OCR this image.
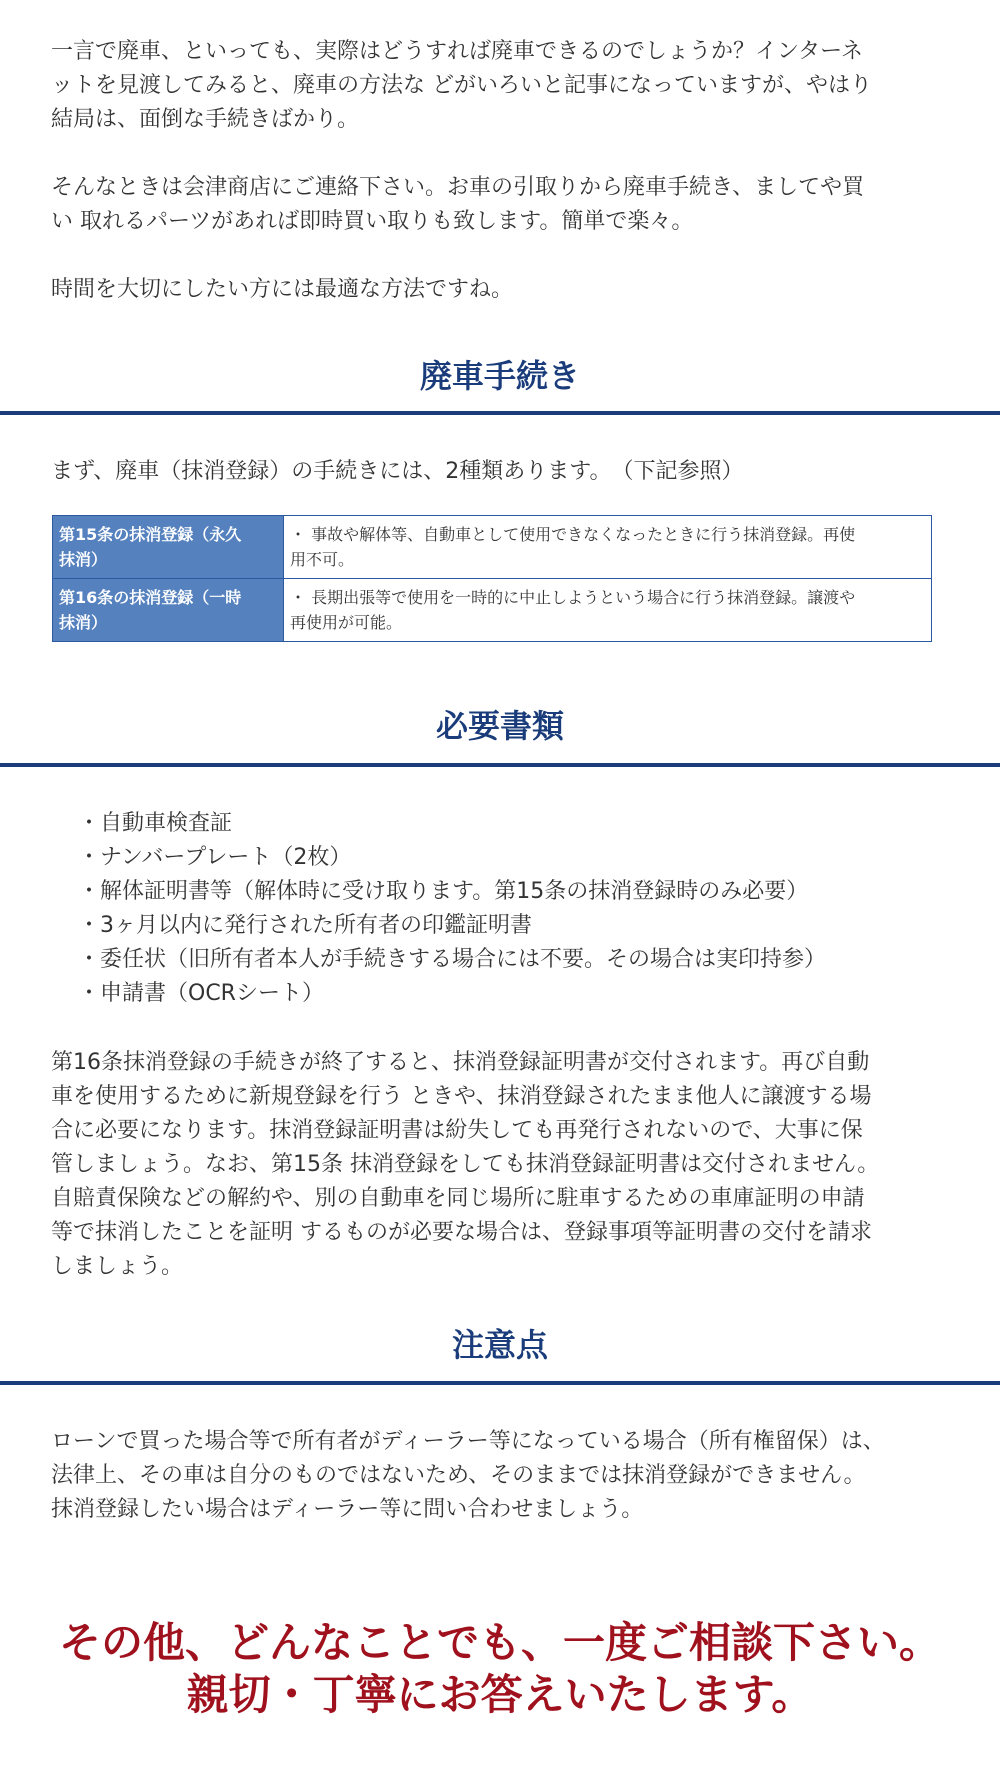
一言で廃車、といっても、実際はどうすれば廃車できるのでしょうか？インターネ
ットを見渡してみると、廃車の方法な どがいろいと記事になっていますが、やはり
結局は、面倒な手続きばかり。

そんなときは会津商店にご連絡下さい。お車の引取りから廃車手続き、ましてや買
い 取れるパーツがあれば即時買い取りも致します。簡単で楽々。

時間を大切にしたい方には最適な方法ですね。

廃車手続き

まず、廃車（抹消登録）の手続きには、2種類あります。　（下記参照）

第15条の抹消登録（永久
抹消）	・ 事故や解体等、自動車として使用できなくなったときに行う抹消登録。再使
用不可。

第16条の抹消登録（一時
抹消）	・ 長期出張等で使用を一時的に中止しようという場合に行う抹消登録。譲渡や
再使用が可能。
必要書類
・自動車検査証
・ナンバープレート（2枚）
・解体証明書等（解体時に受け取ります。第15条の抹消登録時のみ必要）
・3ヶ月以内に発行された所有者の印鑑証明書
・委任状（旧所有者本人が手続きする場合には不要。その場合は実印持参）
・申請書（OCRシート）

第16条抹消登録の手続きが終了すると、抹消登録証明書が交付されます。再び自動
車を使用するために新規登録を行う ときや、抹消登録されたまま他人に譲渡する場
合に必要になります。抹消登録証明書は紛失しても再発行されないので、大事に保
管しましょう。なお、第15条 抹消登録をしても抹消登録証明書は交付されません。
自賠責保険などの解約や、別の自動車を同じ場所に駐車するための車庫証明の申請
等で抹消したことを証明 するものが必要な場合は、登録事項等証明書の交付を請求
しましょう。

注意点

ローンで買った場合等で所有者がディーラー等になっている場合（所有権留保）は、
法律上、その車は自分のものではないため、そのままでは抹消登録ができません。
抹消登録したい場合はディーラー等に問い合わせましょう。

その他、どんなことでも、一度ご相談下さい。
親切・丁寧にお答えいたします。
